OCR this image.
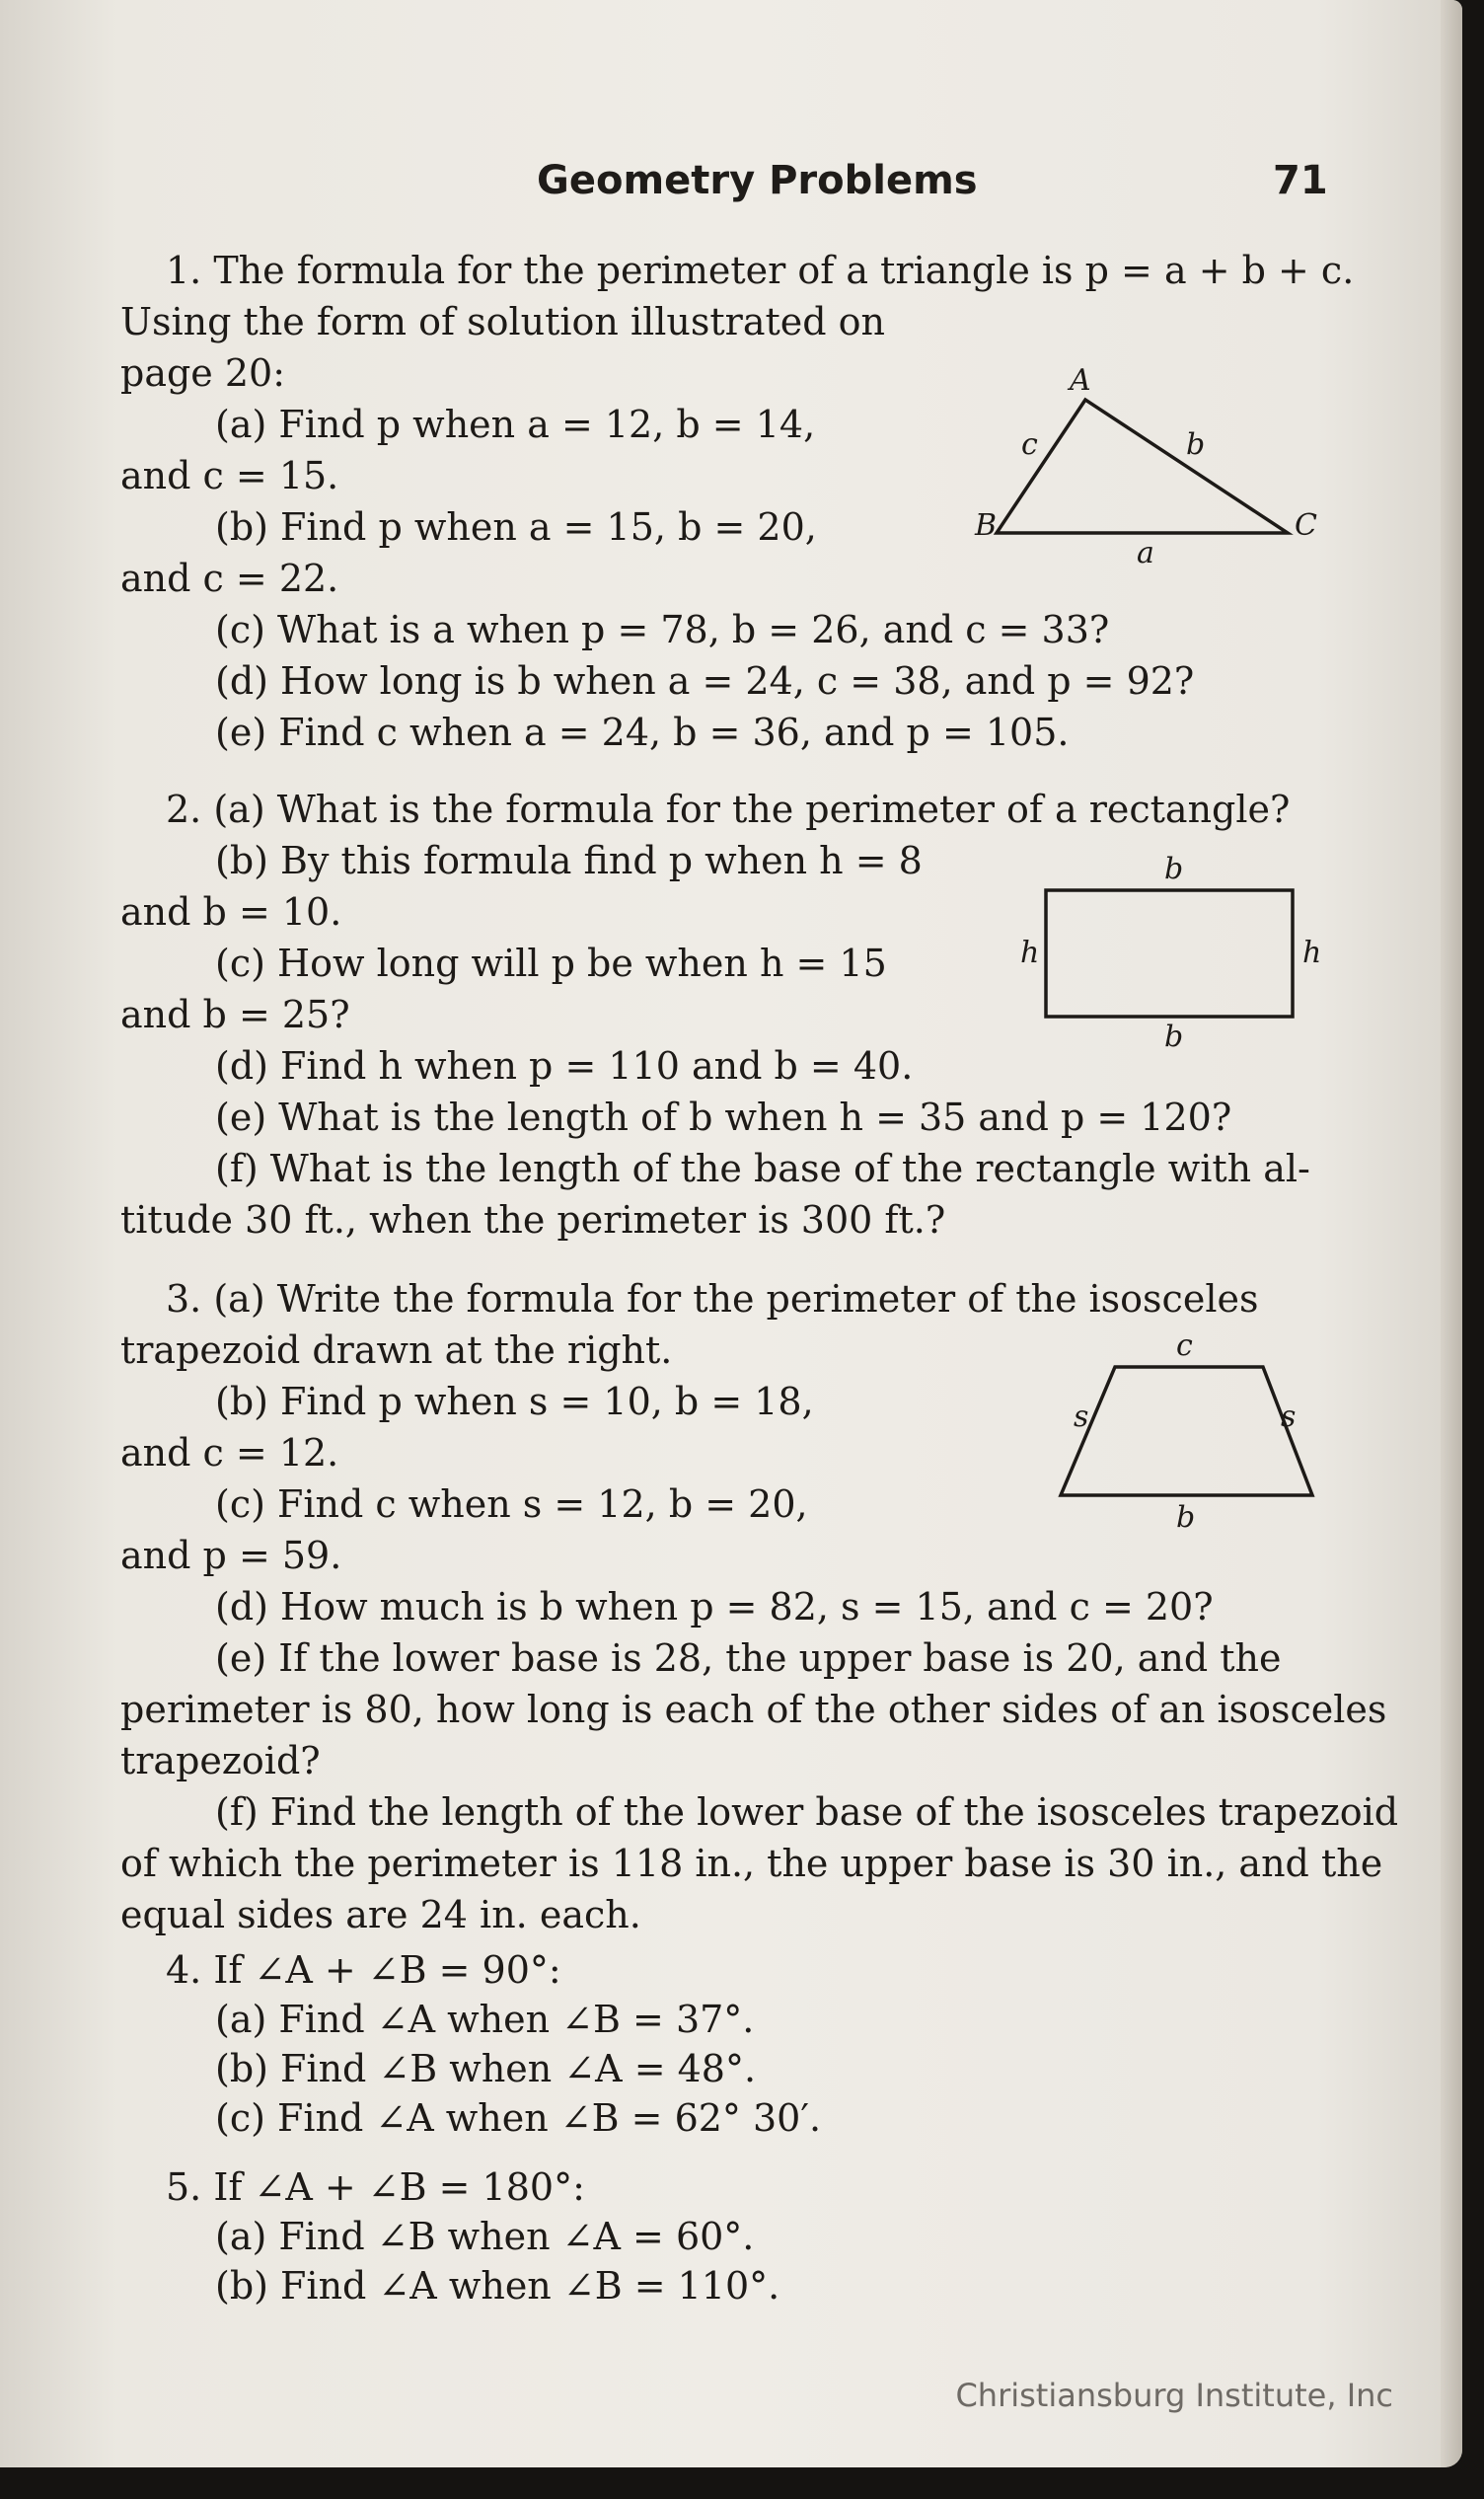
Geometry Problems	71
1. The formula for the perimeter of a triangle is p = a + b + c.
Using the form of solution illustrated on
page 20:
(a) Find p when a = 12, b = 14,
and c = 15.
(b) Find p when a = 15, b = 20,
and c = 22.
(c) What is a when p = 78, b = 26, and c = 33?
(d) How long is b when a = 24, c = 38, and p = 92?
(e) Find c when a = 24, b = 36, and p = 105.
A
B	C
a
b
c
2. (a) What is the formula for the perimeter of a rectangle?
(b) By this formula find p when h = 8
and b = 10.
(c) How long will p be when h = 15
and b = 25?
(d) Find h when p = 110 and b = 40.
(e) What is the length of b when h = 35 and p = 120?
(f) What is the length of the base of the rectangle with al-
titude 30 ft., when the perimeter is 300 ft.?
b
b
h	h
3. (a) Write the formula for the perimeter of the isosceles
trapezoid drawn at the right.
(b) Find p when s = 10, b = 18,
and c = 12.
(c) Find c when s = 12, b = 20,
and p = 59.
(d) How much is b when p = 82, s = 15, and c = 20?
(e) If the lower base is 28, the upper base is 20, and the
perimeter is 80, how long is each of the other sides of an isosceles
trapezoid?
(f) Find the length of the lower base of the isosceles trapezoid
of which the perimeter is 118 in., the upper base is 30 in., and the
equal sides are 24 in. each.
c
b
s	s
4. If ∠A + ∠B = 90°:
(a) Find ∠A when ∠B = 37°.
(b) Find ∠B when ∠A = 48°.
(c) Find ∠A when ∠B = 62° 30′.
5. If ∠A + ∠B = 180°:
(a) Find ∠B when ∠A = 60°.
(b) Find ∠A when ∠B = 110°.
Christiansburg Institute, Inc
